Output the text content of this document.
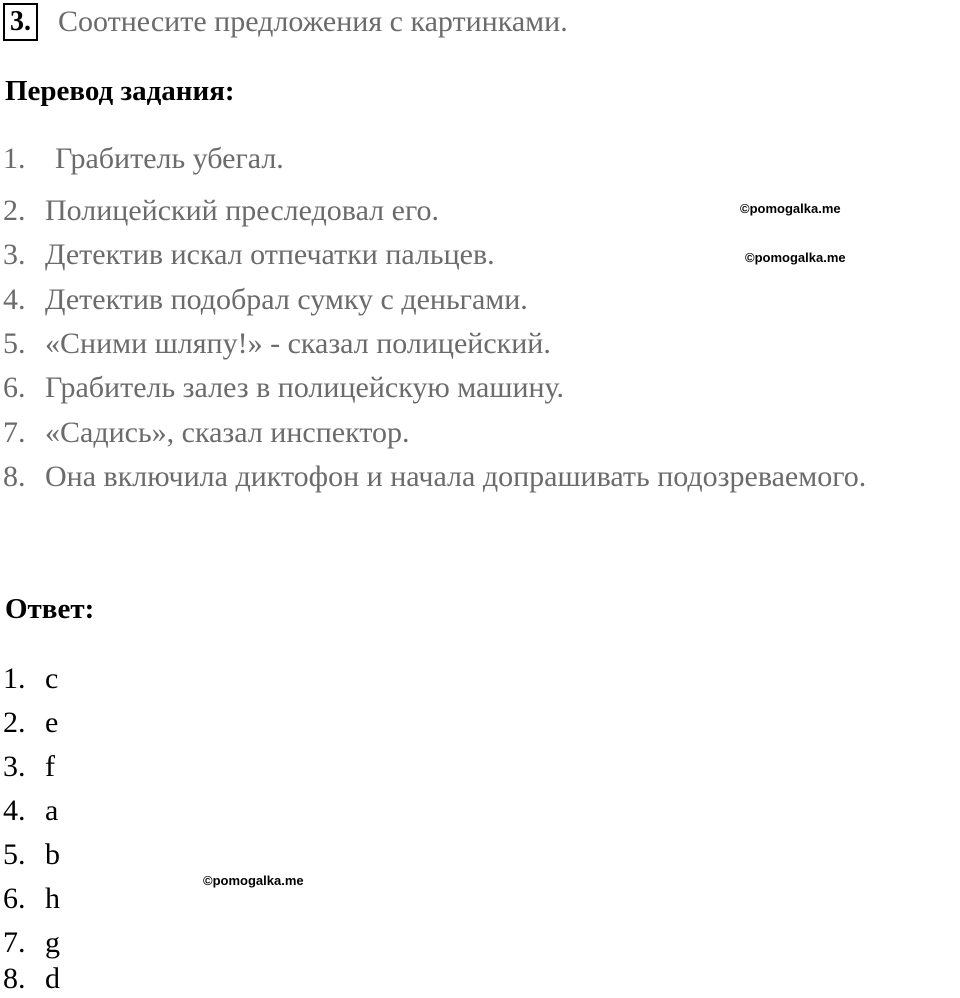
3. Соотнесите предложения с картинками.
Перевод задания:
1. Грабитель убегал.
2. Полицейский преследовал его.
3. Детектив искал отпечатки пальцев.
4. Детектив подобрал сумку с деньгами.
5. «Сними шляпу!» - сказал полицейский.
6. Грабитель залез в полицейскую машину.
7. «Садись», сказал инспектор.
8. Она включила диктофон и начала допрашивать подозреваемого.
Ответ:
1. c
2. e
3. f
4. a
5. b
6. h
7. g
8. d
©pomogalka.me
©pomogalka.me
©pomogalka.me
